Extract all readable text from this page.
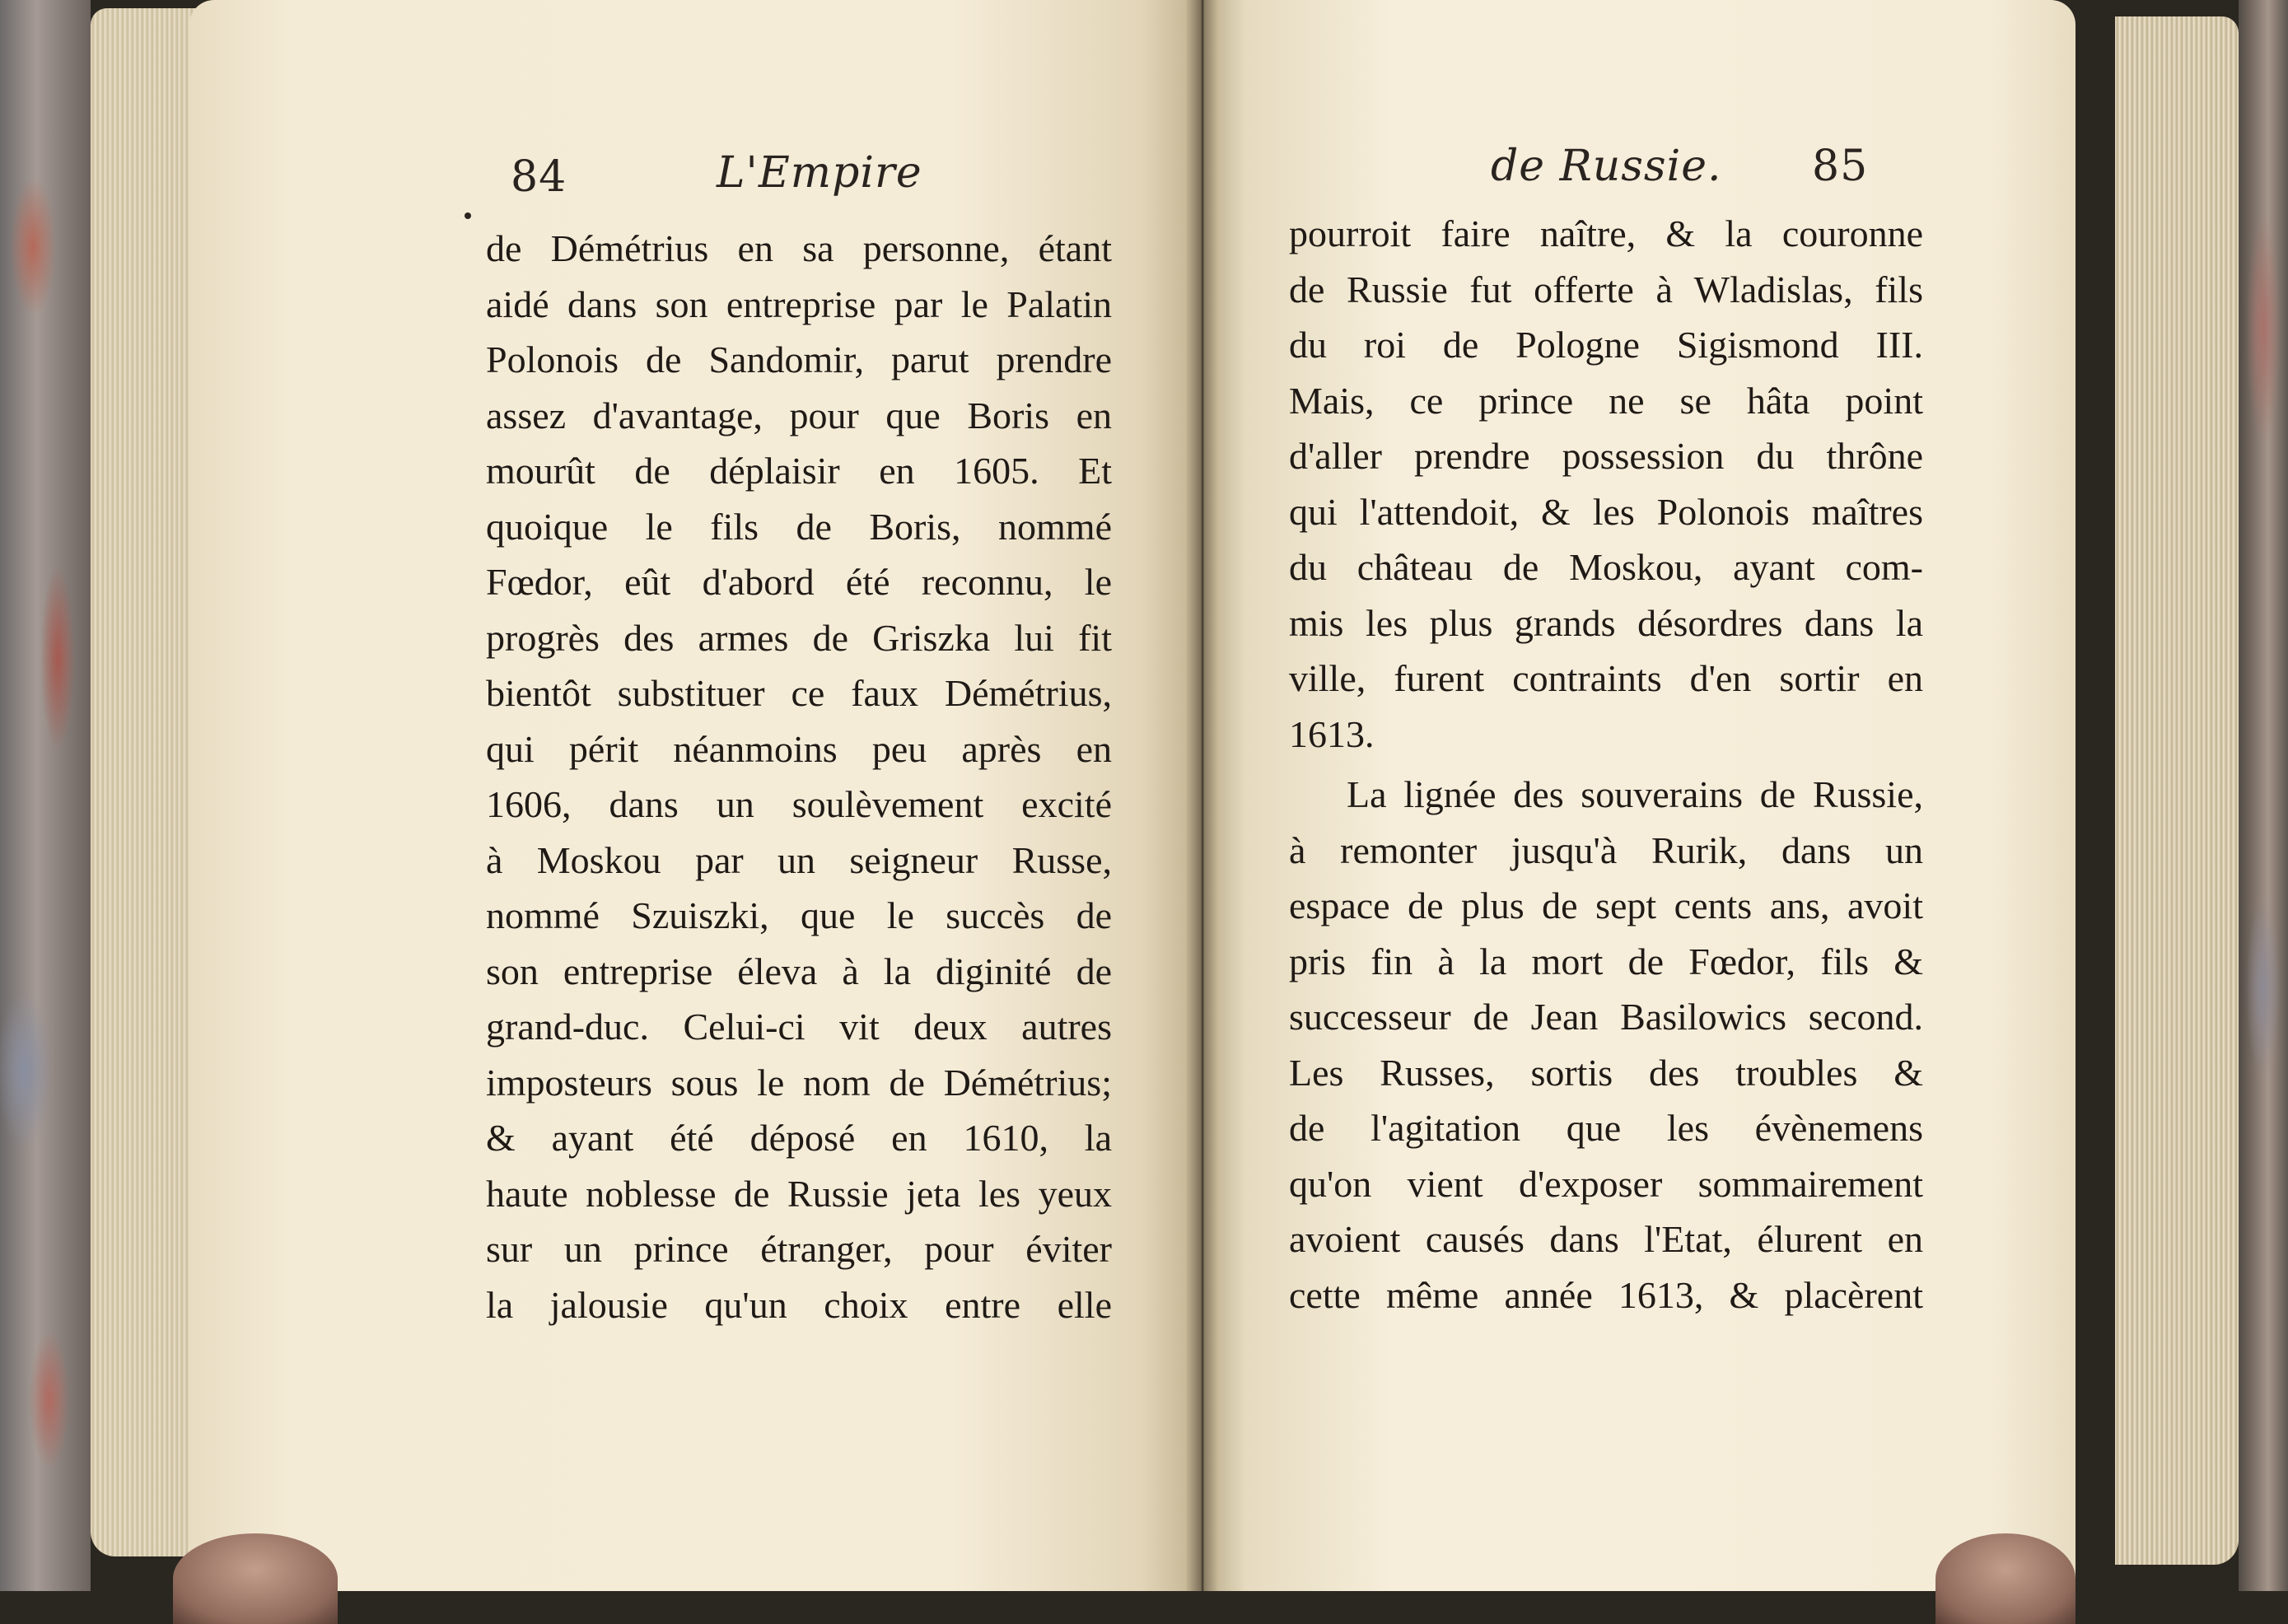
84	L'Empire
de Démétrius en sa personne, étant
aidé dans son entreprise par le Palatin
Polonois de Sandomir, parut prendre
assez d'avantage, pour que Boris en
mourût de déplaisir en 1605. Et
quoique le fils de Boris, nommé
Fœdor, eût d'abord été reconnu, le
progrès des armes de Griszka lui fit
bientôt substituer ce faux Démétrius,
qui périt néanmoins peu après en
1606, dans un soulèvement excité
à Moskou par un seigneur Russe,
nommé Szuiszki, que le succès de
son entreprise éleva à la diginité de
grand-duc. Celui-ci vit deux autres
imposteurs sous le nom de Démétrius;
& ayant été déposé en 1610, la
haute noblesse de Russie jeta les yeux
sur un prince étranger, pour éviter
la jalousie qu'un choix entre elle
de Russie. 85
pourroit faire naître, & la couronne
de Russie fut offerte à Wladislas, fils
du roi de Pologne Sigismond III.
Mais, ce prince ne se hâta point
d'aller prendre possession du thrône
qui l'attendoit, & les Polonois maîtres
du château de Moskou, ayant com-
mis les plus grands désordres dans la
ville, furent contraints d'en sortir en
1613.
La lignée des souverains de Russie,
à remonter jusqu'à Rurik, dans un
espace de plus de sept cents ans, avoit
pris fin à la mort de Fœdor, fils &
successeur de Jean Basilowics second.
Les Russes, sortis des troubles &
de l'agitation que les évènemens
qu'on vient d'exposer sommairement
avoient causés dans l'Etat, élurent en
cette même année 1613, & placèrent
